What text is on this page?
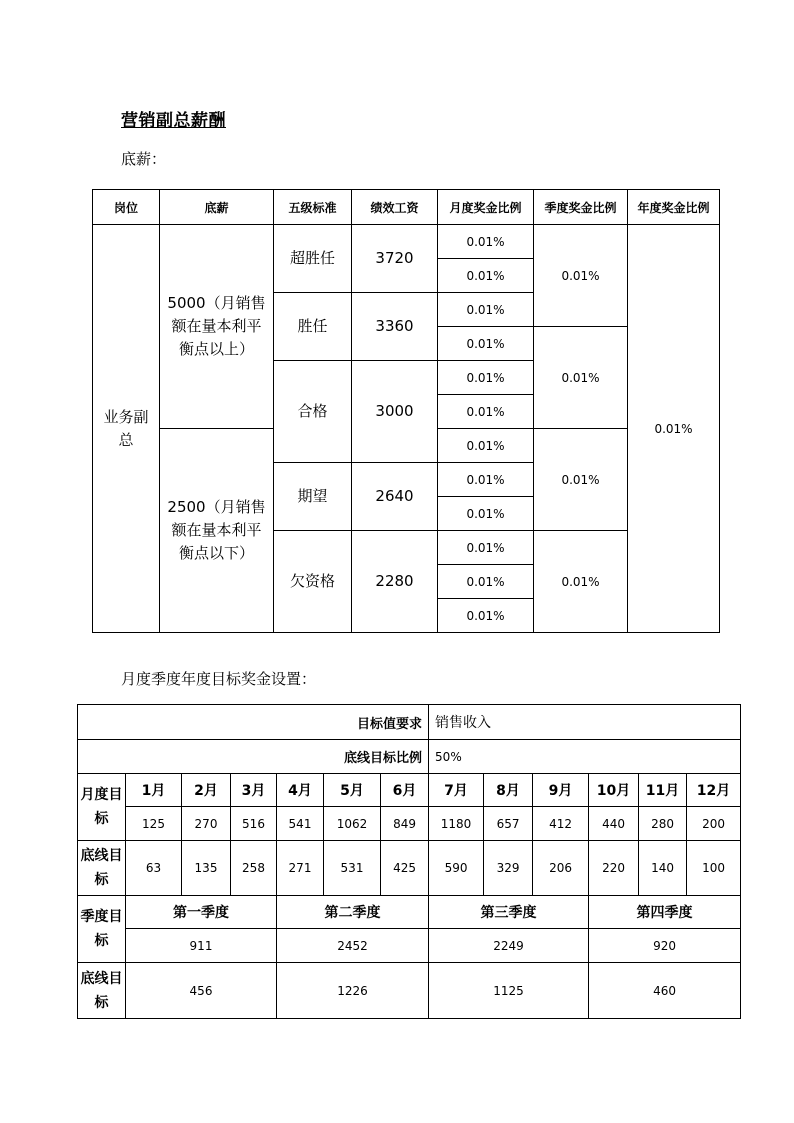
营销副总薪酬
底薪：
岗位	底薪	五级标准	绩效工资	月度奖金比例	季度奖金比例	年度奖金比例
业务副总	5000（月销售额在量本利平衡点以上）	超胜任	3720	0.01%	0.01%	0.01%
				0.01%		
		胜任	3360	0.01%		
				0.01%	0.01%	
		合格	3000	0.01%		
				0.01%		
	2500（月销售额在量本利平衡点以下）			0.01%	0.01%	
		期望	2640	0.01%		
				0.01%		
		欠资格	2280	0.01%	0.01%	
				0.01%		
				0.01%		
月度季度年度目标奖金设置：
目标值要求							销售收入					
底线目标比例							50%					
月度目标	1月	2月	3月	4月	5月	6月	7月	8月	9月	10月	11月	12月
	125	270	516	541	1062	849	1180	657	412	440	280	200
底线目标	63	135	258	271	531	425	590	329	206	220	140	100
季度目标	第一季度			第二季度			第三季度			第四季度		
	911			2452			2249			920		
底线目标	456			1226			1125			460		
